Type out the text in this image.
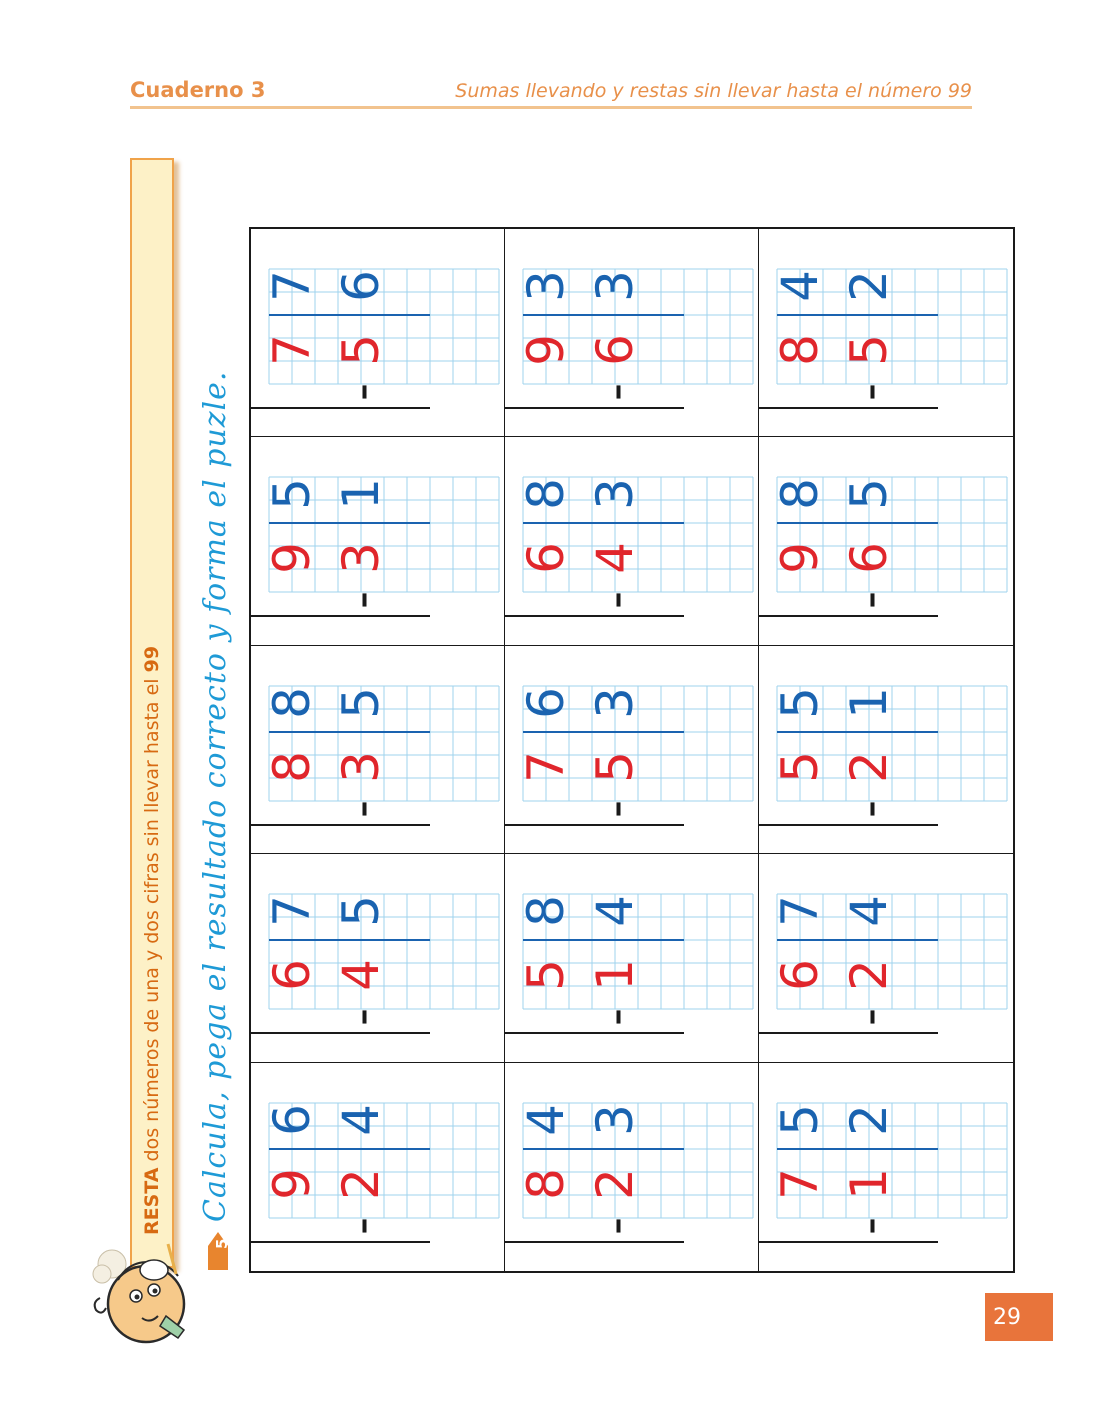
Cuaderno 3	Sumas llevando y restas sin llevar hasta el número 99
RESTA dos números de una y dos cifras sin llevar hasta el 99
5
Calcula, pega el resultado correcto y forma el puzle.
7
7
5
6
-
9
3
6
3
-
8
4
5
2
-
9
5
3
1
-
6
8
4
3
-
9
8
6
5
-
8
8
3
5
-
7
6
5
3
-
5
5
2
1
-
6
7
4
5
-
5
8
1
4
-
6
7
2
4
-
9
6
2
4
-
8
4
2
3
-
7
5
1
2
-
29
